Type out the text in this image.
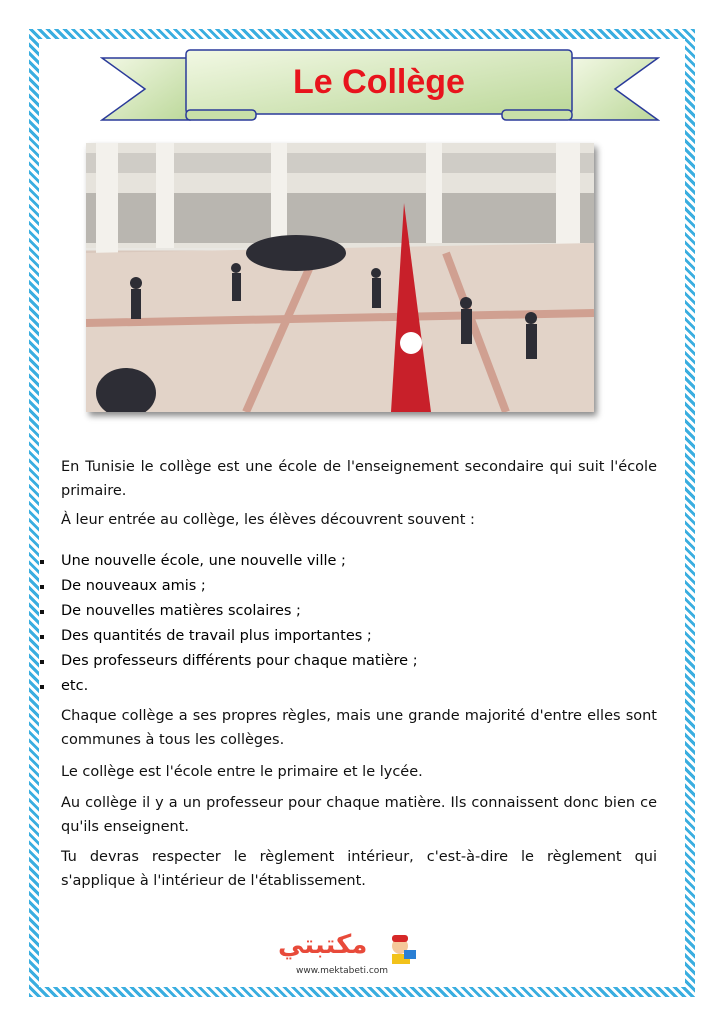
Le Collège
En Tunisie le collège est une école de l'enseignement secondaire qui suit l'école primaire.
À leur entrée au collège, les élèves découvrent souvent :
Une nouvelle école, une nouvelle ville ;
De nouveaux amis ;
De nouvelles matières scolaires ;
Des quantités de travail plus importantes ;
Des professeurs différents pour chaque matière ;
etc.
Chaque collège a ses propres règles, mais une grande majorité d'entre elles sont communes à tous les collèges.
Le collège est l'école entre le primaire et le lycée.
Au collège il y a un professeur pour chaque matière. Ils connaissent donc bien ce qu'ils enseignent.
Tu devras respecter le règlement intérieur, c'est-à-dire le règlement qui s'applique à l'intérieur de l'établissement.
مكتبتي
www.mektabeti.com
